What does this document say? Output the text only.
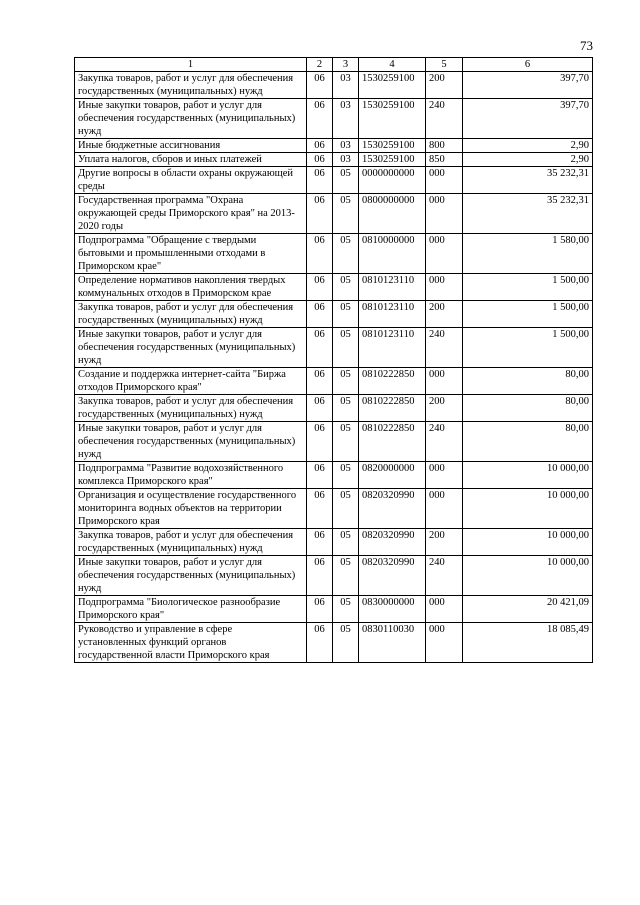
73
1	2	3	4	5	6
Закупка товаров, работ и услуг для обеспечения государственных (муниципальных) нужд	06	03	1530259100	200	397,70
Иные закупки товаров, работ и услуг для обеспечения государственных (муниципальных) нужд	06	03	1530259100	240	397,70
Иные бюджетные ассигнования	06	03	1530259100	800	2,90
Уплата налогов, сборов и иных платежей	06	03	1530259100	850	2,90
Другие вопросы в области охраны окружающей среды	06	05	0000000000	000	35 232,31
Государственная программа "Охрана окружающей среды Приморского края" на 2013-2020 годы	06	05	0800000000	000	35 232,31
Подпрограмма "Обращение с твердыми бытовыми и промышленными отходами в Приморском крае"	06	05	0810000000	000	1 580,00
Определение нормативов накопления твердых коммунальных отходов в Приморском крае	06	05	0810123110	000	1 500,00
Закупка товаров, работ и услуг для обеспечения государственных (муниципальных) нужд	06	05	0810123110	200	1 500,00
Иные закупки товаров, работ и услуг для обеспечения государственных (муниципальных) нужд	06	05	0810123110	240	1 500,00
Создание и поддержка интернет-сайта "Биржа отходов Приморского края"	06	05	0810222850	000	80,00
Закупка товаров, работ и услуг для обеспечения государственных (муниципальных) нужд	06	05	0810222850	200	80,00
Иные закупки товаров, работ и услуг для обеспечения государственных (муниципальных) нужд	06	05	0810222850	240	80,00
Подпрограмма "Развитие водохозяйственного комплекса Приморского края"	06	05	0820000000	000	10 000,00
Организация и осуществление государственного мониторинга водных объектов на территории Приморского края	06	05	0820320990	000	10 000,00
Закупка товаров, работ и услуг для обеспечения государственных (муниципальных) нужд	06	05	0820320990	200	10 000,00
Иные закупки товаров, работ и услуг для обеспечения государственных (муниципальных) нужд	06	05	0820320990	240	10 000,00
Подпрограмма "Биологическое разнообразие Приморского края"	06	05	0830000000	000	20 421,09
Руководство и управление в сфере установленных функций органов государственной власти Приморского края	06	05	0830110030	000	18 085,49
